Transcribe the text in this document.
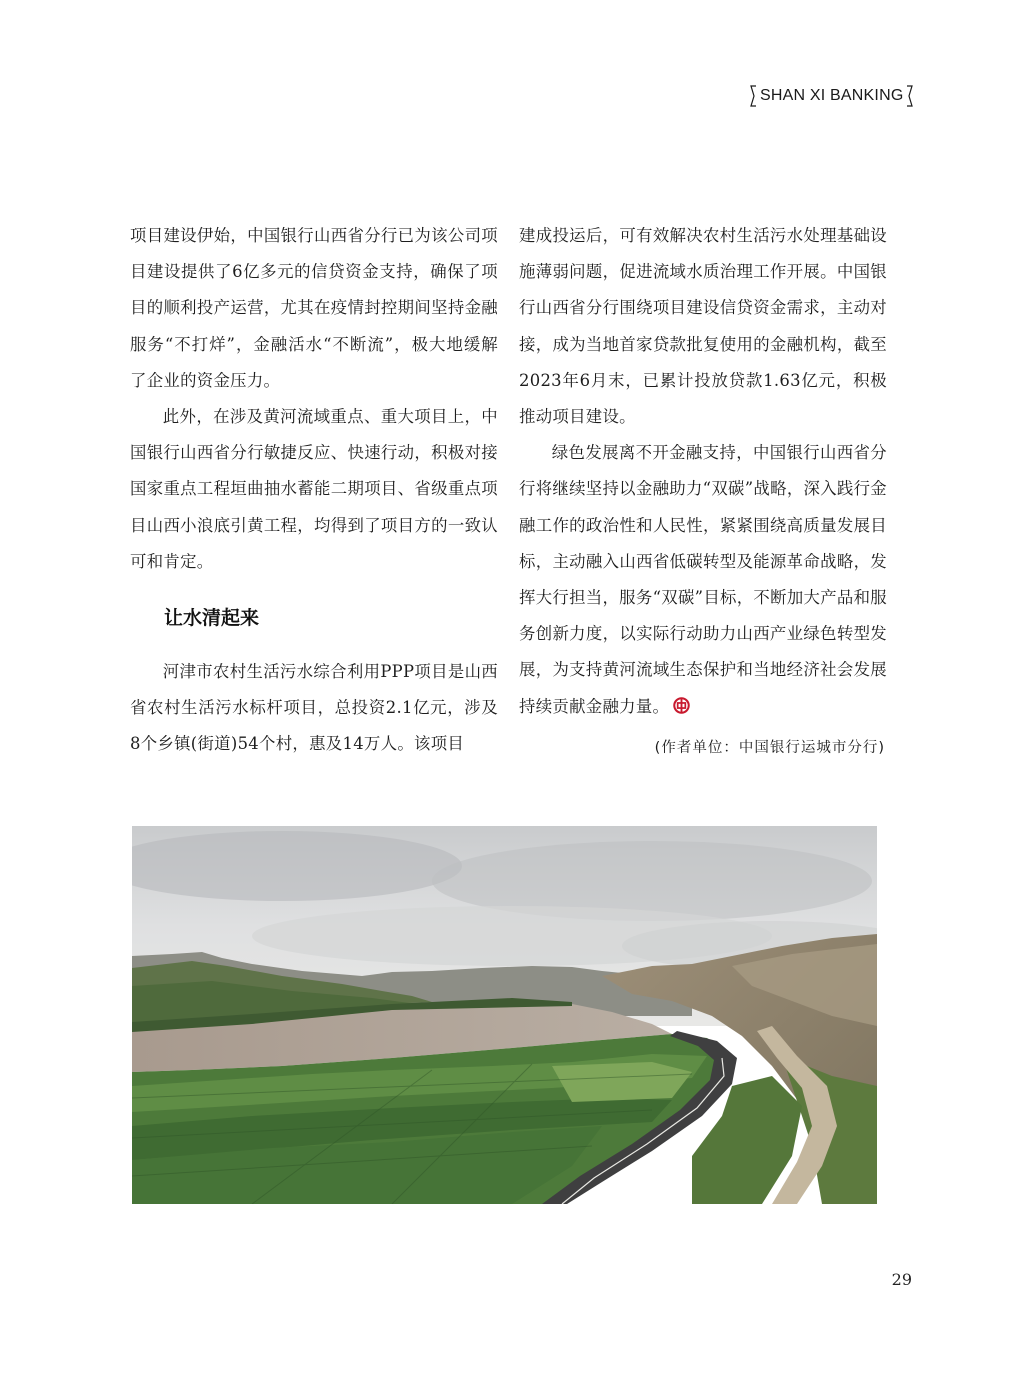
SHAN XI BANKING

项目建设伊始，中国银行山西省分行已为该公司项目建设提供了6亿多元的信贷资金支持，确保了项目的顺利投产运营，尤其在疫情封控期间坚持金融服务“不打烊”，金融活水“不断流”，极大地缓解了企业的资金压力。

此外，在涉及黄河流域重点、重大项目上，中国银行山西省分行敏捷反应、快速行动，积极对接国家重点工程垣曲抽水蓄能二期项目、省级重点项目山西小浪底引黄工程，均得到了项目方的一致认可和肯定。

让水清起来

河津市农村生活污水综合利用PPP项目是山西省农村生活污水标杆项目，总投资2.1亿元，涉及8个乡镇(街道)54个村，惠及14万人。该项目

建成投运后，可有效解决农村生活污水处理基础设施薄弱问题，促进流域水质治理工作开展。中国银行山西省分行围绕项目建设信贷资金需求，主动对接，成为当地首家贷款批复使用的金融机构，截至2023年6月末，已累计投放贷款1.63亿元，积极推动项目建设。

绿色发展离不开金融支持，中国银行山西省分行将继续坚持以金融助力“双碳”战略，深入践行金融工作的政治性和人民性，紧紧围绕高质量发展目标，主动融入山西省低碳转型及能源革命战略，发挥大行担当，服务“双碳”目标，不断加大产品和服务创新力度，以实际行动助力山西产业绿色转型发展，为支持黄河流域生态保护和当地经济社会发展持续贡献金融力量。

(作者单位：中国银行运城市分行)
29
